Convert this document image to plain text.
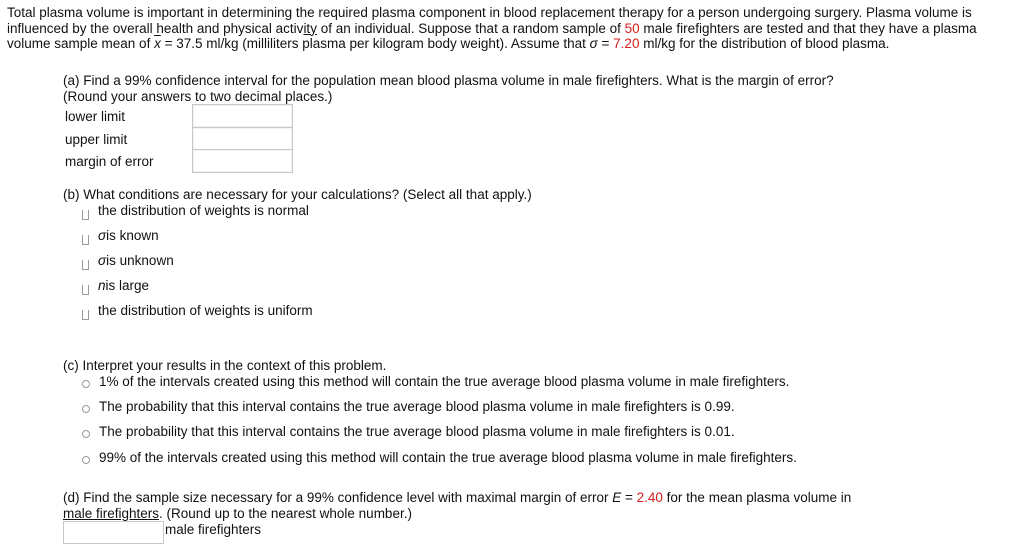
Total plasma volume is important in determining the required plasma component in blood replacement therapy for a person undergoing surgery. Plasma volume is influenced by the overall health and physical activity of an individual. Suppose that a random sample of 50 male firefighters are tested and that they have a plasma volume sample mean of $\overline{x} = 37.5$ ml/kg (milliliters plasma per kilogram body weight). Assume that σ = 7.20 ml/kg for the distribution of blood plasma.
(a) Find a 99% confidence interval for the population mean blood plasma volume in male firefighters. What is the margin of error?
(Round your answers to two decimal places.)
lower limit
upper limit
margin of error
(b) What conditions are necessary for your calculations? (Select all that apply.)
the distribution of weights is normal
σ is known
σ is unknown
n is large
the distribution of weights is uniform
(c) Interpret your results in the context of this problem.
1% of the intervals created using this method will contain the true average blood plasma volume in male firefighters.
The probability that this interval contains the true average blood plasma volume in male firefighters is 0.99.
The probability that this interval contains the true average blood plasma volume in male firefighters is 0.01.
99% of the intervals created using this method will contain the true average blood plasma volume in male firefighters.
(d) Find the sample size necessary for a 99% confidence level with maximal margin of error E = 2.40 for the mean plasma volume in
male firefighters. (Round up to the nearest whole number.)
male firefighters
